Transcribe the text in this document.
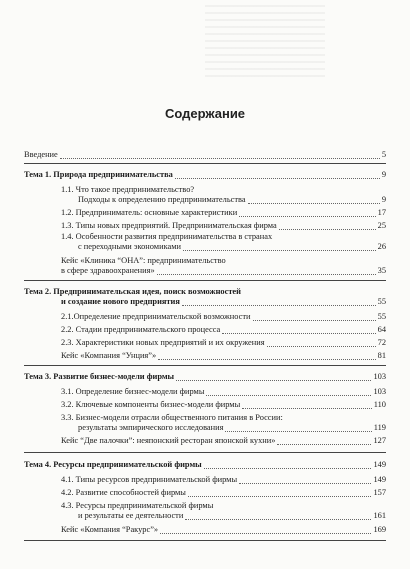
Содержание
Введение	5
Тема 1. Природа предпринимательства	9
1.1. Что такое предпринимательство?
Подходы к определению предпринимательства	9
1.2. Предприниматель: основные характеристики	17
1.3. Типы новых предприятий. Предпринимательская фирма	25
1.4. Особенности развития предпринимательства в странах
с переходными экономиками	26
Кейс «Клиника “ОНА”: предпринимательство
в сфере здравоохранения»	35
Тема 2. Предпринимательская идея, поиск возможностей
и создание нового предприятия	55
2.1.Определение предпринимательской возможности	55
2.2. Стадии предпринимательского процесса	64
2.3. Характеристики новых предприятий и их окружения	72
Кейс «Компания “Унция”»	81
Тема 3. Развитие бизнес-модели фирмы	103
3.1. Определение бизнес-модели фирмы	103
3.2. Ключевые компоненты бизнес-модели фирмы	110
3.3. Бизнес-модели отрасли общественного питания в России:
результаты эмпирического исследования	119
Кейс “Две палочки”: неяпонский ресторан японской кухни»	127
Тема 4. Ресурсы предпринимательской фирмы	149
4.1. Типы ресурсов предпринимательской фирмы	149
4.2. Развитие способностей фирмы	157
4.3. Ресурсы предпринимательской фирмы
и результаты ее деятельности	161
Кейс «Компания “Ракурс”»	169
